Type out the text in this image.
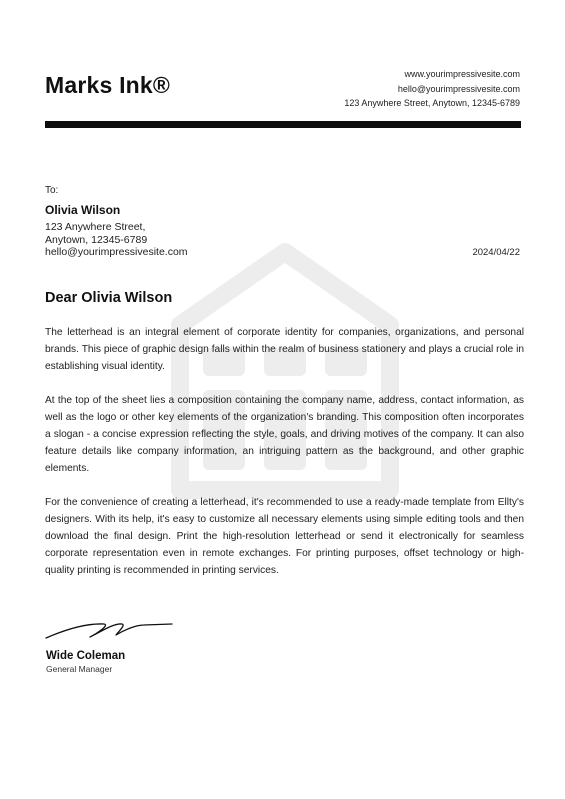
Marks Ink®	www.yourimpressivesite.com
hello@yourimpressivesite.com
123 Anywhere Street, Anytown, 12345-6789
To:
Olivia Wilson
123 Anywhere Street,
Anytown, 12345-6789
hello@yourimpressivesite.com	2024/04/22
Dear Olivia Wilson

The letterhead is an integral element of corporate identity for companies, organizations, and personal brands. This piece of graphic design falls within the realm of business stationery and plays a crucial role in establishing visual identity.

At the top of the sheet lies a composition containing the company name, address, contact information, as well as the logo or other key elements of the organization's branding. This composition often incorporates a slogan - a concise expression reflecting the style, goals, and driving motives of the company. It can also feature details like company information, an intriguing pattern as the background, and other graphic elements.

For the convenience of creating a letterhead, it's recommended to use a ready-made template from Ellty's designers. With its help, it's easy to customize all necessary elements using simple editing tools and then download the final design. Print the high-resolution letterhead or send it electronically for seamless corporate representation even in remote exchanges. For printing purposes, offset technology or high-quality printing is recommended in printing services.

Wide Coleman
General Manager
